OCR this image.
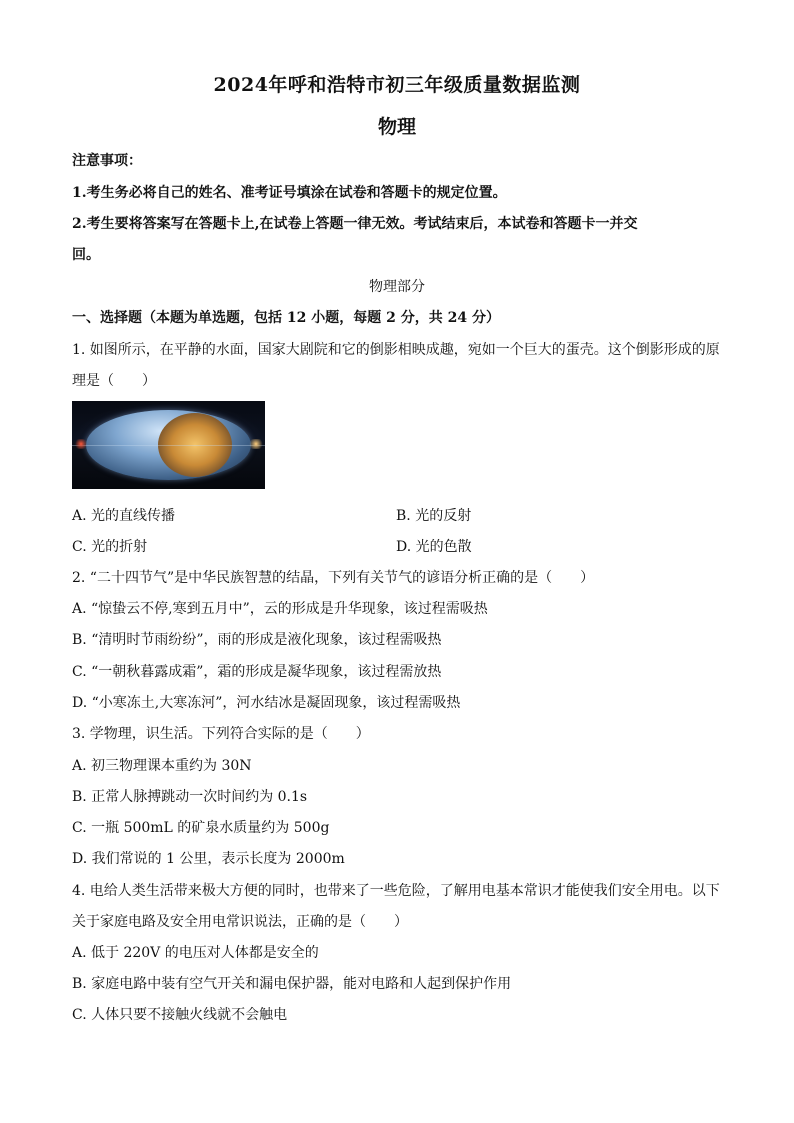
2024年呼和浩特市初三年级质量数据监测
物理
注意事项：
1.考生务必将自己的姓名、准考证号填涂在试卷和答题卡的规定位置。
2.考生要将答案写在答题卡上,在试卷上答题一律无效。考试结束后，本试卷和答题卡一并交
回。
物理部分
一、选择题（本题为单选题，包括 12 小题，每题 2 分，共 24 分）
1. 如图所示，在平静的水面，国家大剧院和它的倒影相映成趣，宛如一个巨大的蛋壳。这个倒影形成的原
理是（　　）
A. 光的直线传播	B. 光的反射
C. 光的折射	D. 光的色散
2. “二十四节气”是中华民族智慧的结晶，下列有关节气的谚语分析正确的是（　　）
A. “惊蛰云不停,寒到五月中”，云的形成是升华现象，该过程需吸热
B. “清明时节雨纷纷”，雨的形成是液化现象，该过程需吸热
C. “一朝秋暮露成霜”，霜的形成是凝华现象，该过程需放热
D. “小寒冻土,大寒冻河”，河水结冰是凝固现象，该过程需吸热
3. 学物理，识生活。下列符合实际的是（　　）
A. 初三物理课本重约为 30N
B. 正常人脉搏跳动一次时间约为 0.1s
C. 一瓶 500mL 的矿泉水质量约为 500g
D. 我们常说的 1 公里，表示长度为 2000m
4. 电给人类生活带来极大方便的同时，也带来了一些危险，了解用电基本常识才能使我们安全用电。以下
关于家庭电路及安全用电常识说法，正确的是（　　）
A. 低于 220V 的电压对人体都是安全的
B. 家庭电路中装有空气开关和漏电保护器，能对电路和人起到保护作用
C. 人体只要不接触火线就不会触电
